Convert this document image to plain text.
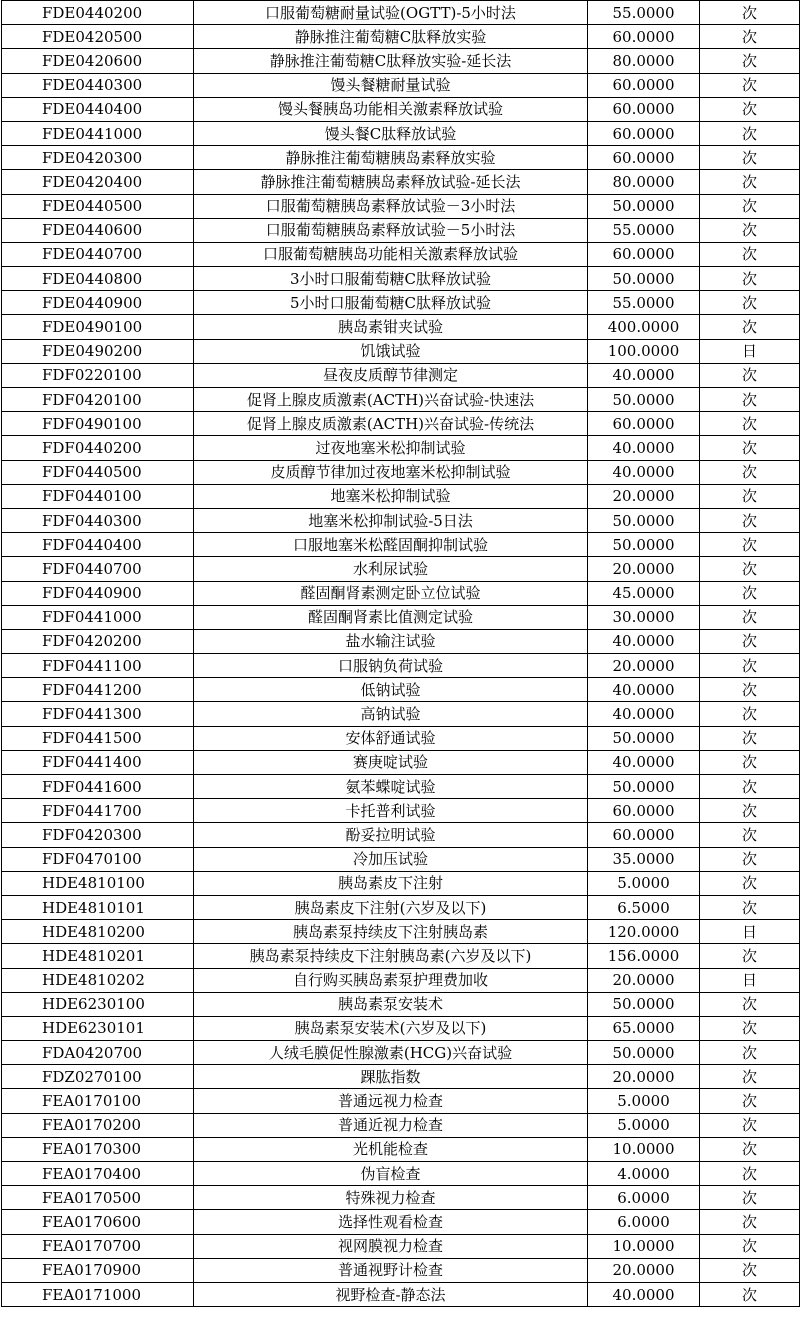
FDE0440200	口服葡萄糖耐量试验(OGTT)-5小时法	55.0000	次
FDE0420500	静脉推注葡萄糖C肽释放实验	60.0000	次
FDE0420600	静脉推注葡萄糖C肽释放实验-延长法	80.0000	次
FDE0440300	馒头餐糖耐量试验	60.0000	次
FDE0440400	馒头餐胰岛功能相关激素释放试验	60.0000	次
FDE0441000	馒头餐C肽释放试验	60.0000	次
FDE0420300	静脉推注葡萄糖胰岛素释放实验	60.0000	次
FDE0420400	静脉推注葡萄糖胰岛素释放试验-延长法	80.0000	次
FDE0440500	口服葡萄糖胰岛素释放试验－3小时法	50.0000	次
FDE0440600	口服葡萄糖胰岛素释放试验－5小时法	55.0000	次
FDE0440700	口服葡萄糖胰岛功能相关激素释放试验	60.0000	次
FDE0440800	3小时口服葡萄糖C肽释放试验	50.0000	次
FDE0440900	5小时口服葡萄糖C肽释放试验	55.0000	次
FDE0490100	胰岛素钳夹试验	400.0000	次
FDE0490200	饥饿试验	100.0000	日
FDF0220100	昼夜皮质醇节律测定	40.0000	次
FDF0420100	促肾上腺皮质激素(ACTH)兴奋试验-快速法	50.0000	次
FDF0490100	促肾上腺皮质激素(ACTH)兴奋试验-传统法	60.0000	次
FDF0440200	过夜地塞米松抑制试验	40.0000	次
FDF0440500	皮质醇节律加过夜地塞米松抑制试验	40.0000	次
FDF0440100	地塞米松抑制试验	20.0000	次
FDF0440300	地塞米松抑制试验-5日法	50.0000	次
FDF0440400	口服地塞米松醛固酮抑制试验	50.0000	次
FDF0440700	水利尿试验	20.0000	次
FDF0440900	醛固酮肾素测定卧立位试验	45.0000	次
FDF0441000	醛固酮肾素比值测定试验	30.0000	次
FDF0420200	盐水输注试验	40.0000	次
FDF0441100	口服钠负荷试验	20.0000	次
FDF0441200	低钠试验	40.0000	次
FDF0441300	高钠试验	40.0000	次
FDF0441500	安体舒通试验	50.0000	次
FDF0441400	赛庚啶试验	40.0000	次
FDF0441600	氨苯蝶啶试验	50.0000	次
FDF0441700	卡托普利试验	60.0000	次
FDF0420300	酚妥拉明试验	60.0000	次
FDF0470100	冷加压试验	35.0000	次
HDE4810100	胰岛素皮下注射	5.0000	次
HDE4810101	胰岛素皮下注射(六岁及以下)	6.5000	次
HDE4810200	胰岛素泵持续皮下注射胰岛素	120.0000	日
HDE4810201	胰岛素泵持续皮下注射胰岛素(六岁及以下)	156.0000	次
HDE4810202	自行购买胰岛素泵护理费加收	20.0000	日
HDE6230100	胰岛素泵安装术	50.0000	次
HDE6230101	胰岛素泵安装术(六岁及以下)	65.0000	次
FDA0420700	人绒毛膜促性腺激素(HCG)兴奋试验	50.0000	次
FDZ0270100	踝肱指数	20.0000	次
FEA0170100	普通远视力检查	5.0000	次
FEA0170200	普通近视力检查	5.0000	次
FEA0170300	光机能检查	10.0000	次
FEA0170400	伪盲检查	4.0000	次
FEA0170500	特殊视力检查	6.0000	次
FEA0170600	选择性观看检查	6.0000	次
FEA0170700	视网膜视力检查	10.0000	次
FEA0170900	普通视野计检查	20.0000	次
FEA0171000	视野检查-静态法	40.0000	次
